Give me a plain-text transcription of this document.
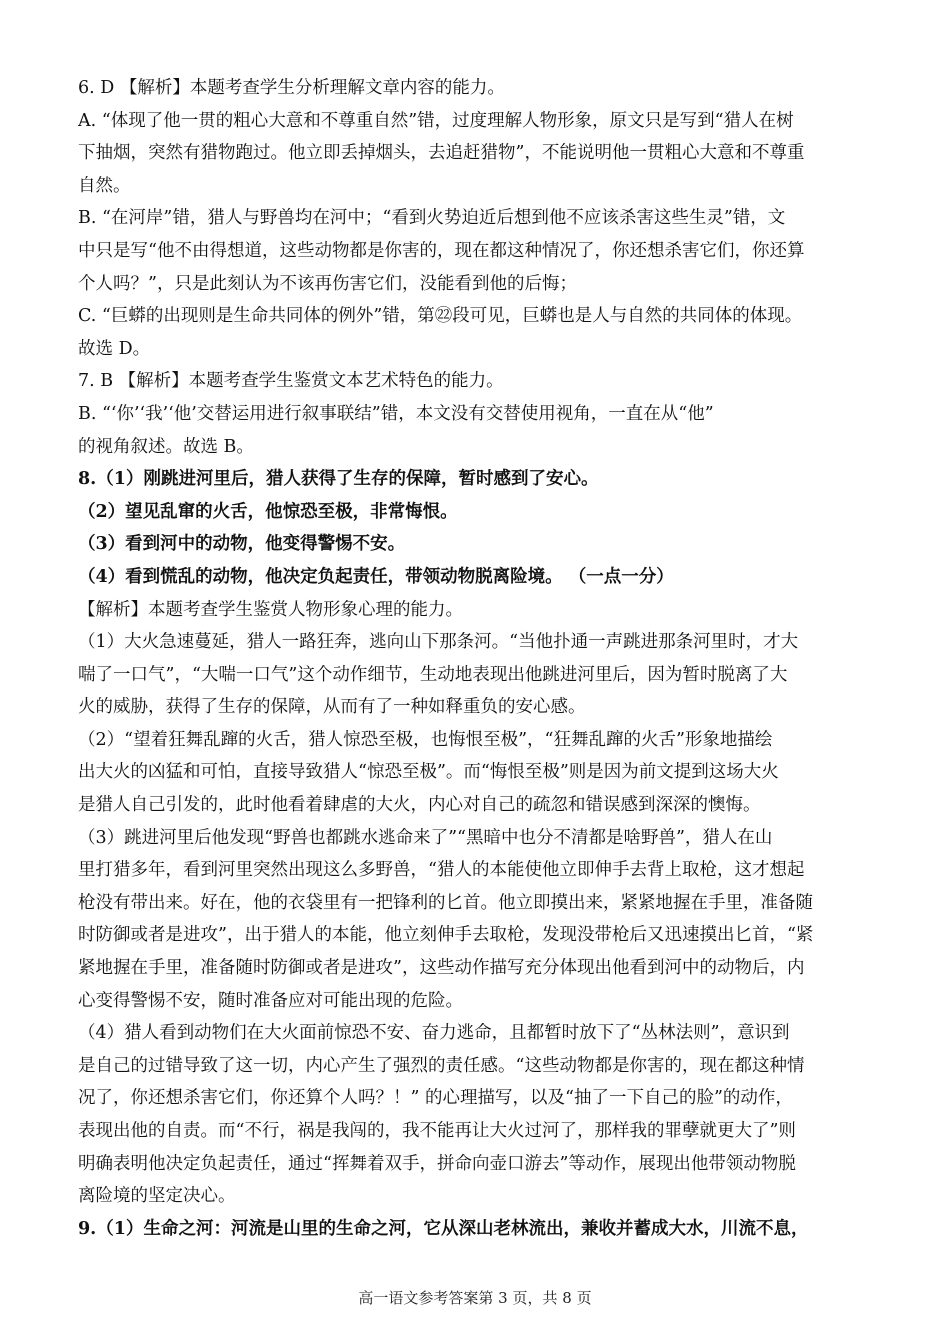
6. D 【解析】本题考查学生分析理解文章内容的能力。
A. “体现了他一贯的粗心大意和不尊重自然”错，过度理解人物形象，原文只是写到“猎人在树
下抽烟，突然有猎物跑过。他立即丢掉烟头，去追赶猎物”，不能说明他一贯粗心大意和不尊重
自然。
B. “在河岸”错，猎人与野兽均在河中；“看到火势迫近后想到他不应该杀害这些生灵”错，文
中只是写“他不由得想道，这些动物都是你害的，现在都这种情况了，你还想杀害它们，你还算
个人吗？”，只是此刻认为不该再伤害它们，没能看到他的后悔；
C. “巨蟒的出现则是生命共同体的例外”错，第㉒段可见，巨蟒也是人与自然的共同体的体现。
故选 D。
7. B 【解析】本题考查学生鉴赏文本艺术特色的能力。
B. “‘你’‘我’‘他’交替运用进行叙事联结”错，本文没有交替使用视角，一直在从“他”
的视角叙述。故选 B。
8.（1）刚跳进河里后，猎人获得了生存的保障，暂时感到了安心。
（2）望见乱窜的火舌，他惊恐至极，非常悔恨。
（3）看到河中的动物，他变得警惕不安。
（4）看到慌乱的动物，他决定负起责任，带领动物脱离险境。 （一点一分）
【解析】本题考查学生鉴赏人物形象心理的能力。
（1）大火急速蔓延，猎人一路狂奔，逃向山下那条河。“当他扑通一声跳进那条河里时，才大
喘了一口气”，“大喘一口气”这个动作细节，生动地表现出他跳进河里后，因为暂时脱离了大
火的威胁，获得了生存的保障，从而有了一种如释重负的安心感。
（2）“望着狂舞乱蹿的火舌，猎人惊恐至极，也悔恨至极”，“狂舞乱蹿的火舌”形象地描绘
出大火的凶猛和可怕，直接导致猎人“惊恐至极”。而“悔恨至极”则是因为前文提到这场大火
是猎人自己引发的，此时他看着肆虐的大火，内心对自己的疏忽和错误感到深深的懊悔。
（3）跳进河里后他发现“野兽也都跳水逃命来了”“黑暗中也分不清都是啥野兽”，猎人在山
里打猎多年，看到河里突然出现这么多野兽，“猎人的本能使他立即伸手去背上取枪，这才想起
枪没有带出来。好在，他的衣袋里有一把锋利的匕首。他立即摸出来，紧紧地握在手里，准备随
时防御或者是进攻”，出于猎人的本能，他立刻伸手去取枪，发现没带枪后又迅速摸出匕首，“紧
紧地握在手里，准备随时防御或者是进攻”，这些动作描写充分体现出他看到河中的动物后，内
心变得警惕不安，随时准备应对可能出现的危险。
（4）猎人看到动物们在大火面前惊恐不安、奋力逃命，且都暂时放下了“丛林法则”，意识到
是自己的过错导致了这一切，内心产生了强烈的责任感。“这些动物都是你害的，现在都这种情
况了，你还想杀害它们，你还算个人吗？！” 的心理描写，以及“抽了一下自己的脸”的动作，
表现出他的自责。而“不行，祸是我闯的，我不能再让大火过河了，那样我的罪孽就更大了”则
明确表明他决定负起责任，通过“挥舞着双手，拼命向壶口游去”等动作，展现出他带领动物脱
离险境的坚定决心。
9.（1）生命之河：河流是山里的生命之河，它从深山老林流出，兼收并蓄成大水，川流不息，
高一语文参考答案第 3 页，共 8 页
